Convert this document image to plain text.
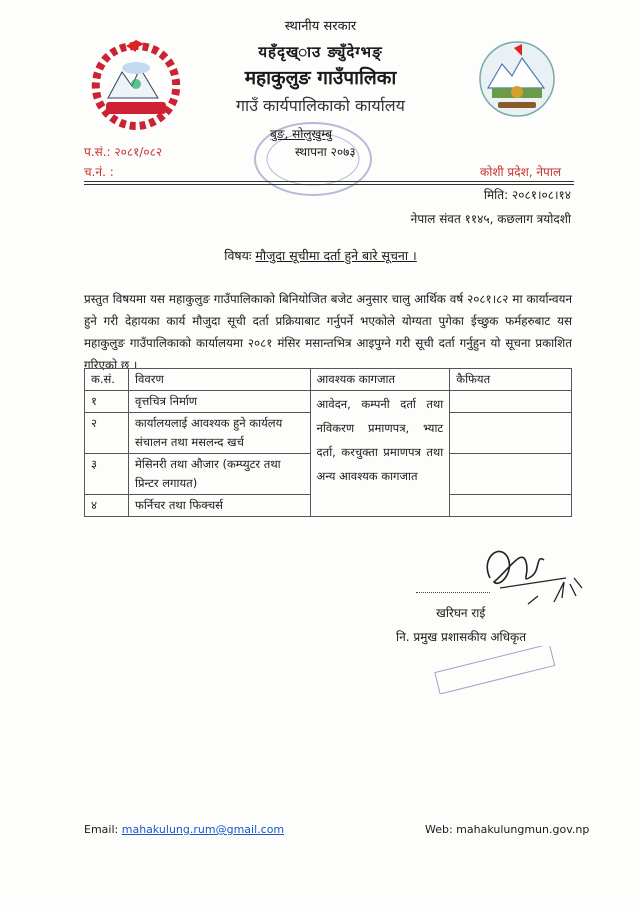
स्थानीय सरकार
यहँदृख्ाउ ङ्युँदेग्भङ्
महाकुलुङ गाउँपालिका
गाउँ कार्यपालिकाको कार्यालय
बुङ, सोलुखुम्बु
स्थापना २०७३
प.सं.: २०८१/०८२
च.नं. :	कोशी प्रदेश, नेपाल
मिति: २०८१।०८।१४
नेपाल संवत ११४५, कछलाग त्रयोदशी
विषयः मौजुदा सूचीमा दर्ता हुने बारे सूचना ।
प्रस्तुत विषयमा यस महाकुलुङ गाउँपालिकाको बिनियोजित बजेट अनुसार चालु आर्थिक वर्ष २०८१।८२ मा कार्यान्वयन हुने गरी देहायका कार्य मौजुदा सूची दर्ता प्रक्रियाबाट गर्नुपर्ने भएकोले योग्यता पुगेका ईच्छुक फर्महरुबाट यस महाकुलुङ गाउँपालिकाको कार्यालयमा २०८१ मंसिर मसान्तभित्र आइपुग्ने गरी सूची दर्ता गर्नुहुन यो सूचना प्रकाशित गरिएको छ ।
क.सं.	विवरण	आवश्यक कागजात	कैफियत
१	वृत्तचित्र निर्माण	आवेदन, कम्पनी दर्ता तथा नविकरण प्रमाणपत्र, भ्याट दर्ता, करचुक्ता प्रमाणपत्र तथा अन्य आवश्यक कागजात	
२	कार्यालयलाई आवश्यक हुने कार्यलय संचालन तथा मसलन्द खर्च		
३	मेसिनरी तथा औजार (कम्प्युटर तथा प्रिन्टर लगायत)		
४	फर्निचर तथा फिक्चर्स		
खरिघन राई
नि. प्रमुख प्रशासकीय अधिकृत
Email: mahakulung.rum@gmail.com	Web: mahakulungmun.gov.np
